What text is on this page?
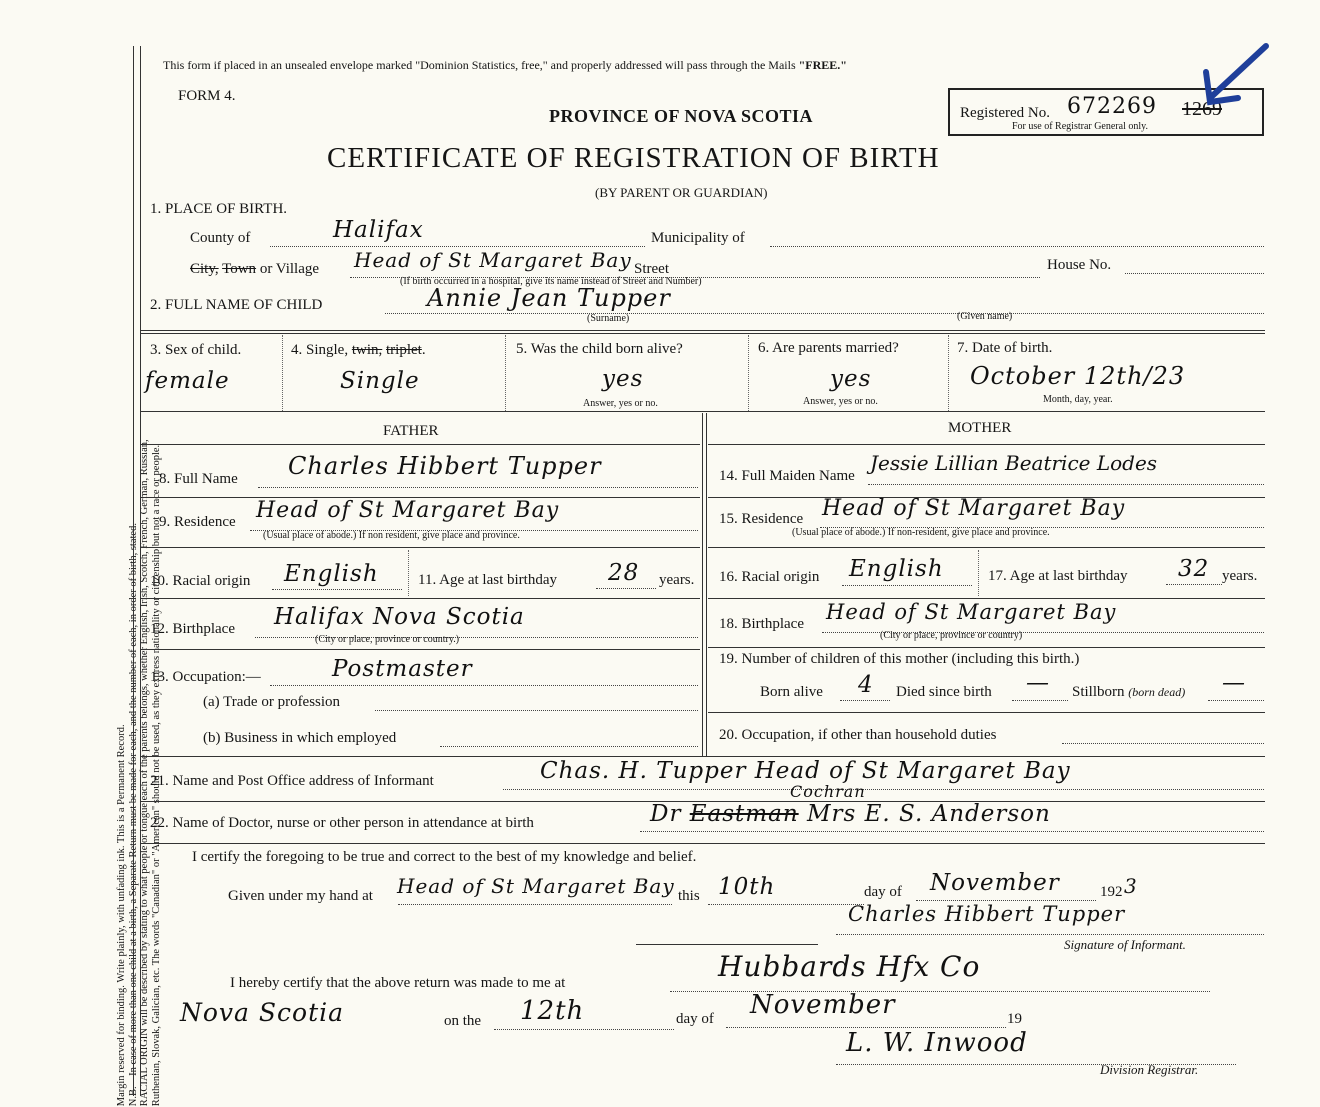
Margin reserved for binding. Write plainly, with unfading ink. This is a Permanent Record. N.B.—In case of more than one child at a birth, a Separate Return must be made for each, and the number of each, in order of birth, stated. RACIAL ORIGIN will be described by stating to what people or tongue each of the parents belongs, whether English, Irish, Scotch, French, German, Russian, Ruthenian, Slovak, Galician, etc. The words "Canadian" or "American" should not be used, as they express nationality or citizenship but not a race or people.
This form if placed in an unsealed envelope marked "Dominion Statistics, free," and properly addressed will pass through the Mails "FREE."
FORM 4.
PROVINCE OF NOVA SCOTIA
CERTIFICATE OF REGISTRATION OF BIRTH
(BY PARENT OR GUARDIAN)
Registered No. 672269 1269
For use of Registrar General only.
1. PLACE OF BIRTH.
County of	Halifax	Municipality of
City, Town or Village Head of St Margaret Bay Street
(If birth occurred in a hospital, give its name instead of Street and Number)
House No.
2. FULL NAME OF CHILD	Annie Jean Tupper
(Surname)	(Given name)
3. Sex of child.
female
4. Single, twin, triplet.
Single
5. Was the child born alive?
yes
Answer, yes or no.
6. Are parents married?
yes
Answer, yes or no.
7. Date of birth.
October 12th/23
Month, day, year.
FATHER	MOTHER
8. Full Name Charles Hibbert Tupper
9. Residence Head of St Margaret Bay
(Usual place of abode.) If non resident, give place and province.
10. Racial origin English	11. Age at last birthday 28 years.
12. Birthplace Halifax Nova Scotia
(City or place, province or country.)
13. Occupation:—	Postmaster
(a) Trade or profession
(b) Business in which employed
14. Full Maiden Name
Jessie Lillian Beatrice Lodes
15. Residence Head of St Margaret Bay
(Usual place of abode.) If non-resident, give place and province.
16. Racial origin English	17. Age at last birthday 32 years.
18. Birthplace Head of St Margaret Bay
(City or place, province or country)
19. Number of children of this mother (including this birth.)
Born alive 4 Died since birth — Stillborn (born dead) —
20. Occupation, if other than household duties
21. Name and Post Office address of Informant	Chas. H. Tupper Head of St Margaret Bay
22. Name of Doctor, nurse or other person in attendance at birth	Dr Eastman Mrs E. S. Anderson
Cochran
I certify the foregoing to be true and correct to the best of my knowledge and belief.
Given under my hand at Head of St Margaret Bay this 10th	day of November	192 3
Charles Hibbert Tupper
Signature of Informant.
I hereby certify that the above return was made to me at	Hubbards Hfx Co
Nova Scotia	on the 12th	day of November	19
L. W. Inwood
Division Registrar.
